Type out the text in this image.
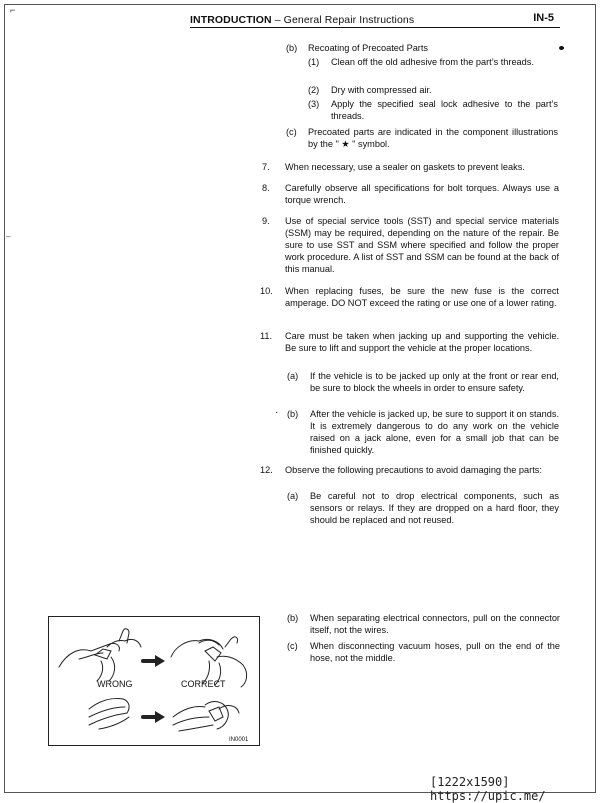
⌐
–
INTRODUCTION – General Repair Instructions	IN-5
(b) Recoating of Precoated Parts
(1) Clean off the old adhesive from the part’s threads.
(2) Dry with compressed air.
(3) Apply the specified seal lock adhesive to the part’s threads.
(c) Precoated parts are indicated in the component illustrations by the " ★ " symbol.
7. When necessary, use a sealer on gaskets to prevent leaks.
8. Carefully observe all specifications for bolt torques. Always use a torque wrench.
9. Use of special service tools (SST) and special service materials (SSM) may be required, depending on the nature of the repair. Be sure to use SST and SSM where specified and follow the proper work procedure. A list of SST and SSM can be found at the back of this manual.
10. When replacing fuses, be sure the new fuse is the correct amperage. DO NOT exceed the rating or use one of a lower rating.
11. Care must be taken when jacking up and supporting the vehicle. Be sure to lift and support the vehicle at the proper locations.
(a) If the vehicle is to be jacked up only at the front or rear end, be sure to block the wheels in order to ensure safety.
· (b) After the vehicle is jacked up, be sure to support it on stands. It is extremely dangerous to do any work on the vehicle raised on a jack alone, even for a small job that can be finished quickly.
12. Observe the following precautions to avoid damaging the parts:
(a) Be careful not to drop electrical components, such as sensors or relays. If they are dropped on a hard floor, they should be replaced and not reused.
(b) When separating electrical connectors, pull on the connector itself, not the wires.
(c) When disconnecting vacuum hoses, pull on the end of the hose, not the middle.
WRONG	CORRECT
IN0001
[1222x1590] https://upic.me/
